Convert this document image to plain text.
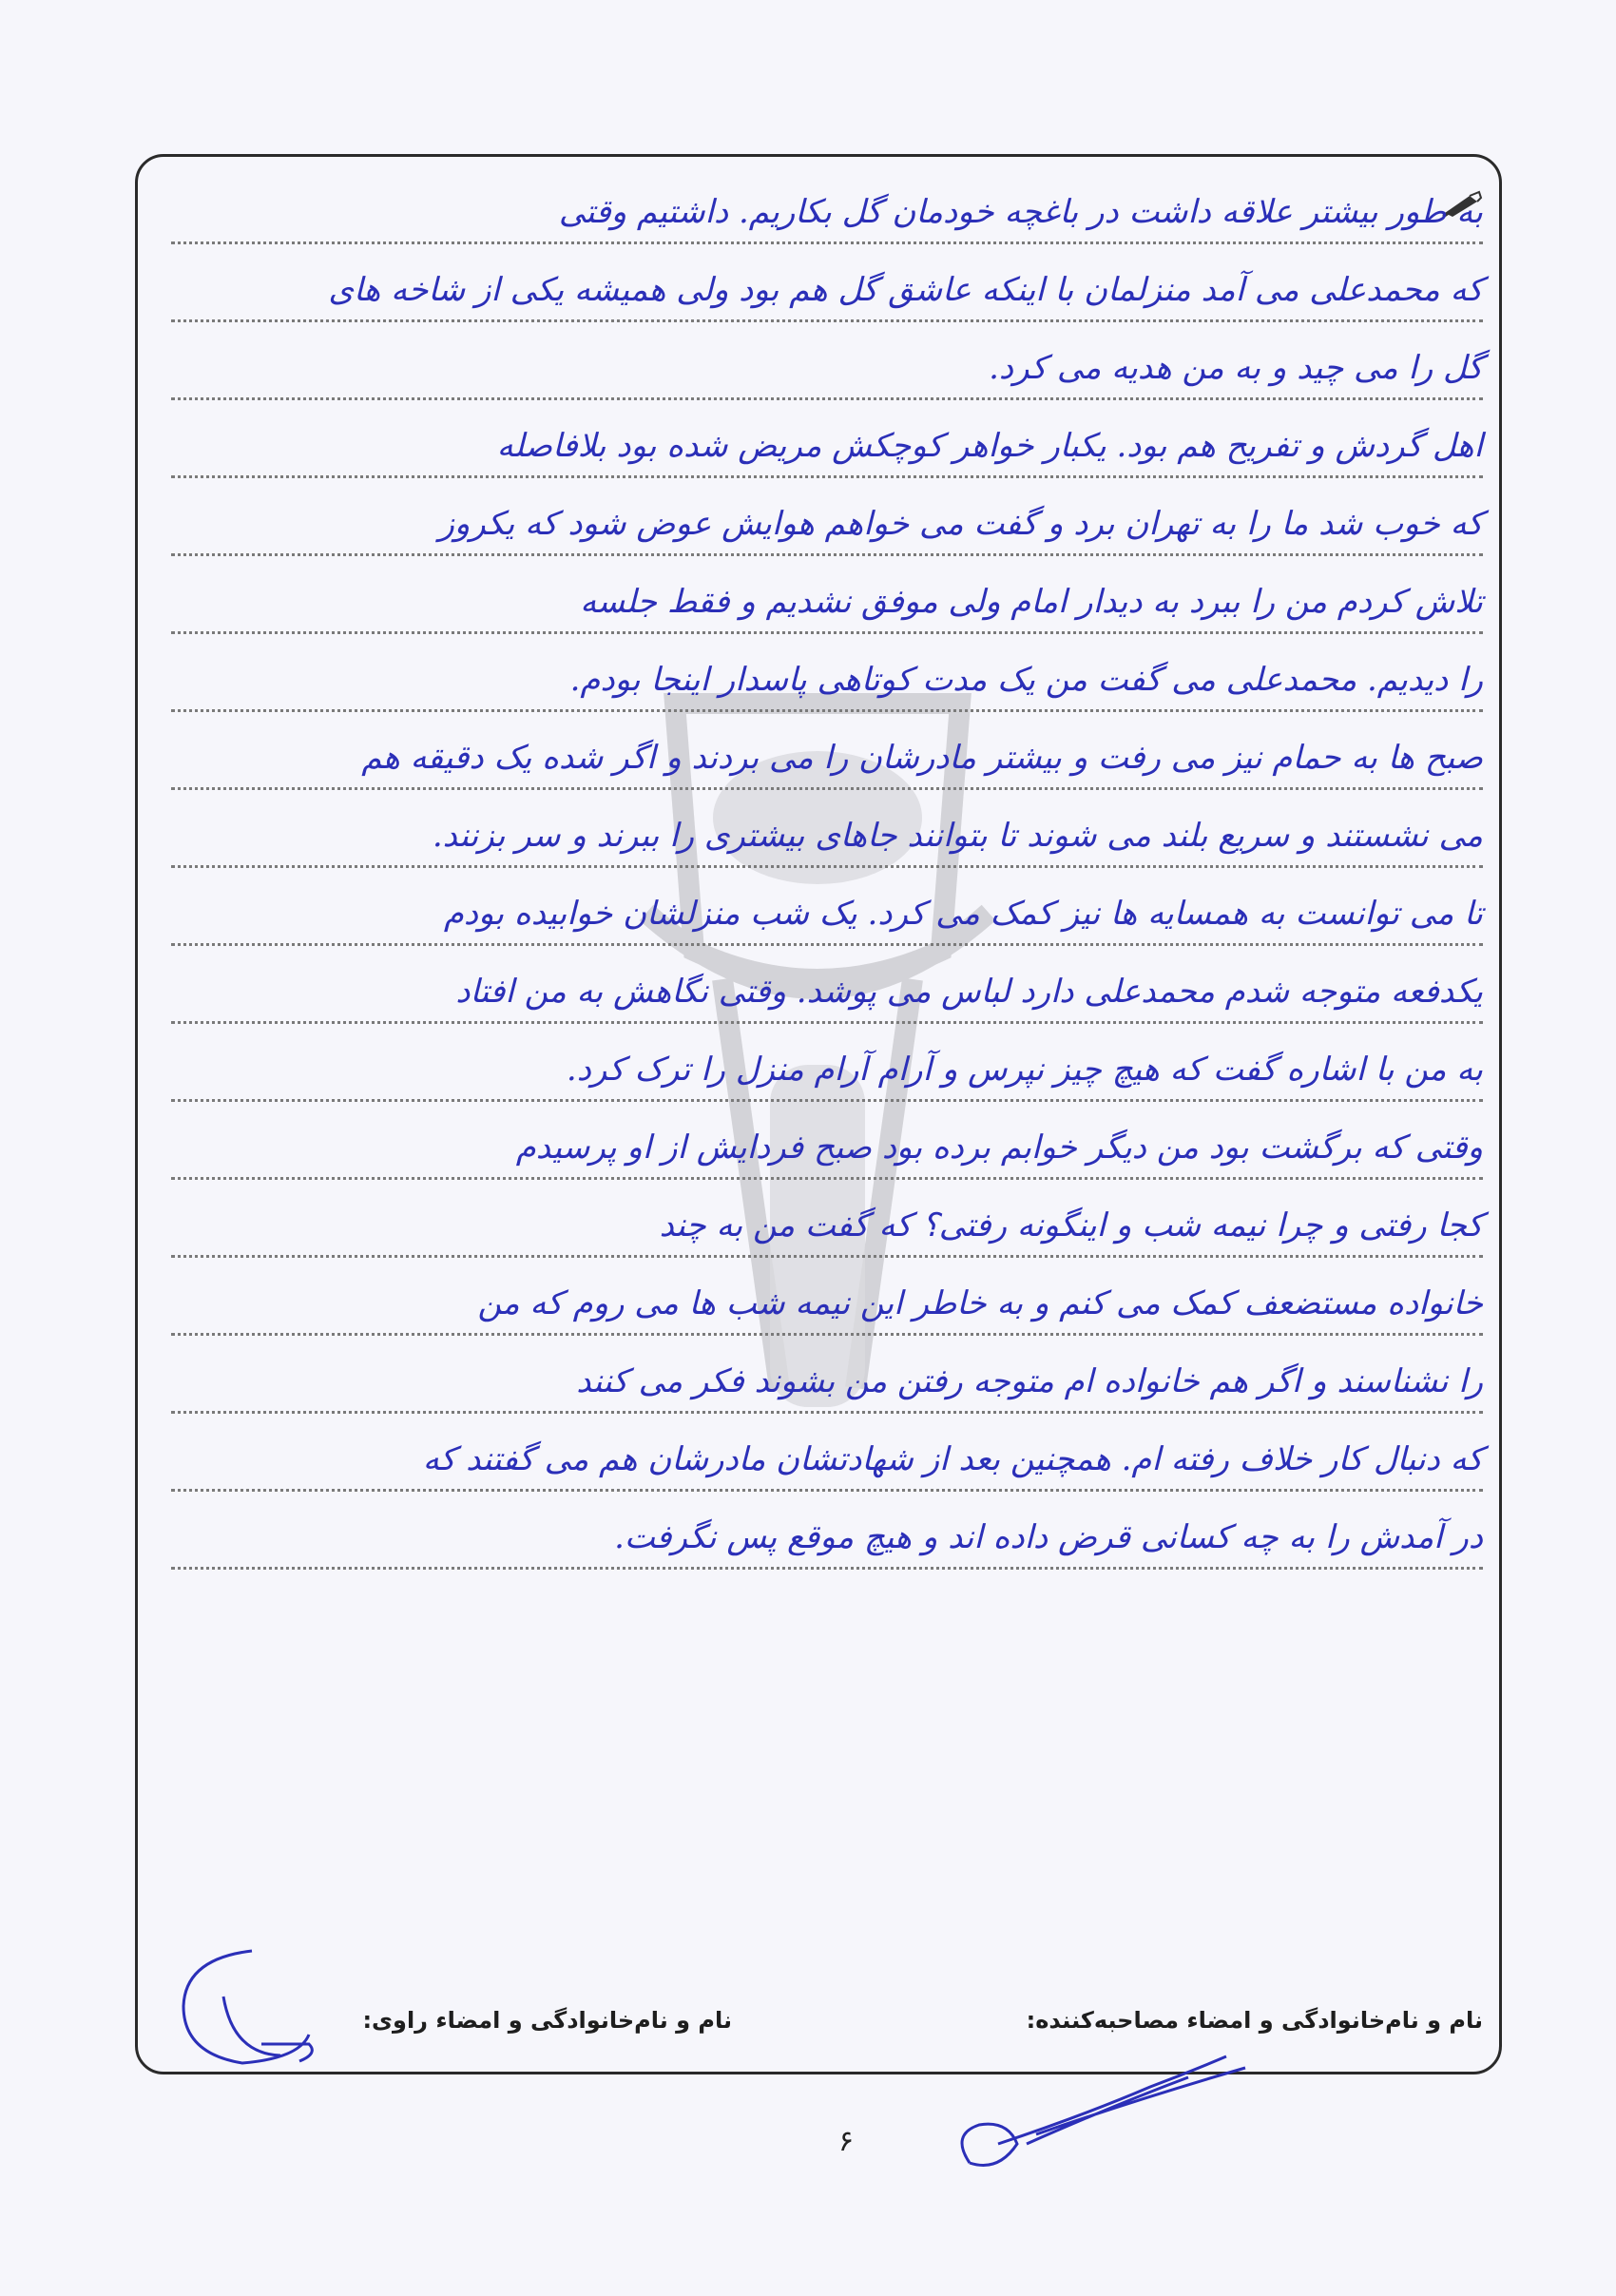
به طور بیشتر علاقه داشت در باغچه خودمان گل بکاریم. داشتیم وقتی
که محمدعلی می آمد منزلمان با اینکه عاشق گل هم بود ولی همیشه یکی از شاخه های
گل را می چید و به من هدیه می کرد.
اهل گردش و تفریح هم بود. یکبار خواهر کوچکش مریض شده بود بلافاصله
که خوب شد ما را به تهران برد و گفت می خواهم هوایش عوض شود که یکروز
تلاش کردم من را ببرد به دیدار امام ولی موفق نشدیم و فقط جلسه
را دیدیم. محمدعلی می گفت من یک مدت کوتاهی پاسدار اینجا بودم.
صبح ها به حمام نیز می رفت و بیشتر مادرشان را می بردند و اگر شده یک دقیقه هم
می نشستند و سریع بلند می شوند تا بتوانند جاهای بیشتری را ببرند و سر بزنند.
تا می توانست به همسایه ها نیز کمک می کرد. یک شب منزلشان خوابیده بودم
یکدفعه متوجه شدم محمدعلی دارد لباس می پوشد. وقتی نگاهش به من افتاد
به من با اشاره گفت که هیچ چیز نپرس و آرام آرام منزل را ترک کرد.
وقتی که برگشت بود من دیگر خوابم برده بود صبح فردایش از او پرسیدم
کجا رفتی و چرا نیمه شب و اینگونه رفتی؟ که گفت من به چند
خانواده مستضعف کمک می کنم و به خاطر این نیمه شب ها می روم که من
را نشناسند و اگر هم خانواده ام متوجه رفتن من بشوند فکر می کنند
که دنبال کار خلاف رفته ام. همچنین بعد از شهادتشان مادرشان هم می گفتند که
در آمدش را به چه کسانی قرض داده اند و هیچ موقع پس نگرفت.
نام و نام‌خانوادگی و امضاء مصاحبه‌کننده:
نام و نام‌خانوادگی و امضاء راوی:
۶
